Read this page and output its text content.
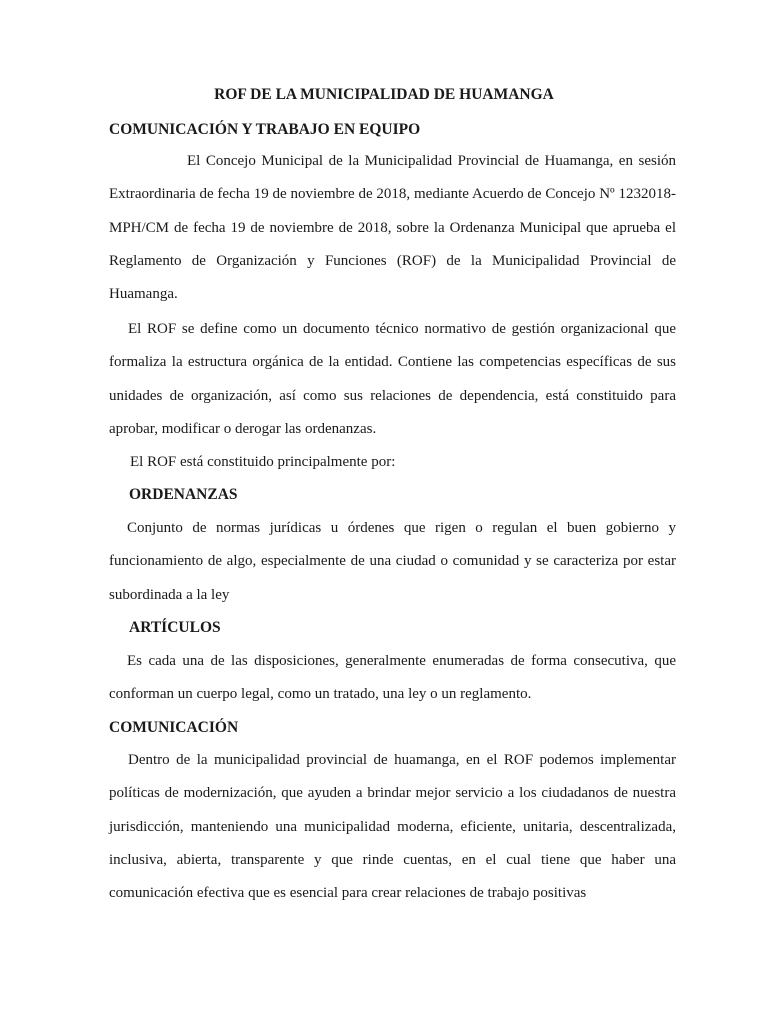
ROF DE LA MUNICIPALIDAD DE HUAMANGA
COMUNICACIÓN Y TRABAJO EN EQUIPO

El Concejo Municipal de la Municipalidad Provincial de Huamanga, en sesión Extraordinaria de fecha 19 de noviembre de 2018, mediante Acuerdo de Concejo Nº 1232018-MPH/CM de fecha 19 de noviembre de 2018, sobre la Ordenanza Municipal que aprueba el Reglamento de Organización y Funciones (ROF) de la Municipalidad Provincial de Huamanga.

El ROF se define como un documento técnico normativo de gestión organizacional que formaliza la estructura orgánica de la entidad. Contiene las competencias específicas de sus unidades de organización, así como sus relaciones de dependencia, está constituido para aprobar, modificar o derogar las ordenanzas.

El ROF está constituido principalmente por:

ORDENANZAS

Conjunto de normas jurídicas u órdenes que rigen o regulan el buen gobierno y funcionamiento de algo, especialmente de una ciudad o comunidad y se caracteriza por estar subordinada a la ley

ARTÍCULOS

Es cada una de las disposiciones, generalmente enumeradas de forma consecutiva, que conforman un cuerpo legal, como un tratado, una ley o un reglamento.

COMUNICACIÓN

Dentro de la municipalidad provincial de huamanga, en el ROF podemos implementar políticas de modernización, que ayuden a brindar mejor servicio a los ciudadanos de nuestra jurisdicción, manteniendo una municipalidad moderna, eficiente, unitaria, descentralizada, inclusiva, abierta, transparente y que rinde cuentas, en el cual tiene que haber una comunicación efectiva que es esencial para crear relaciones de trabajo positivas
